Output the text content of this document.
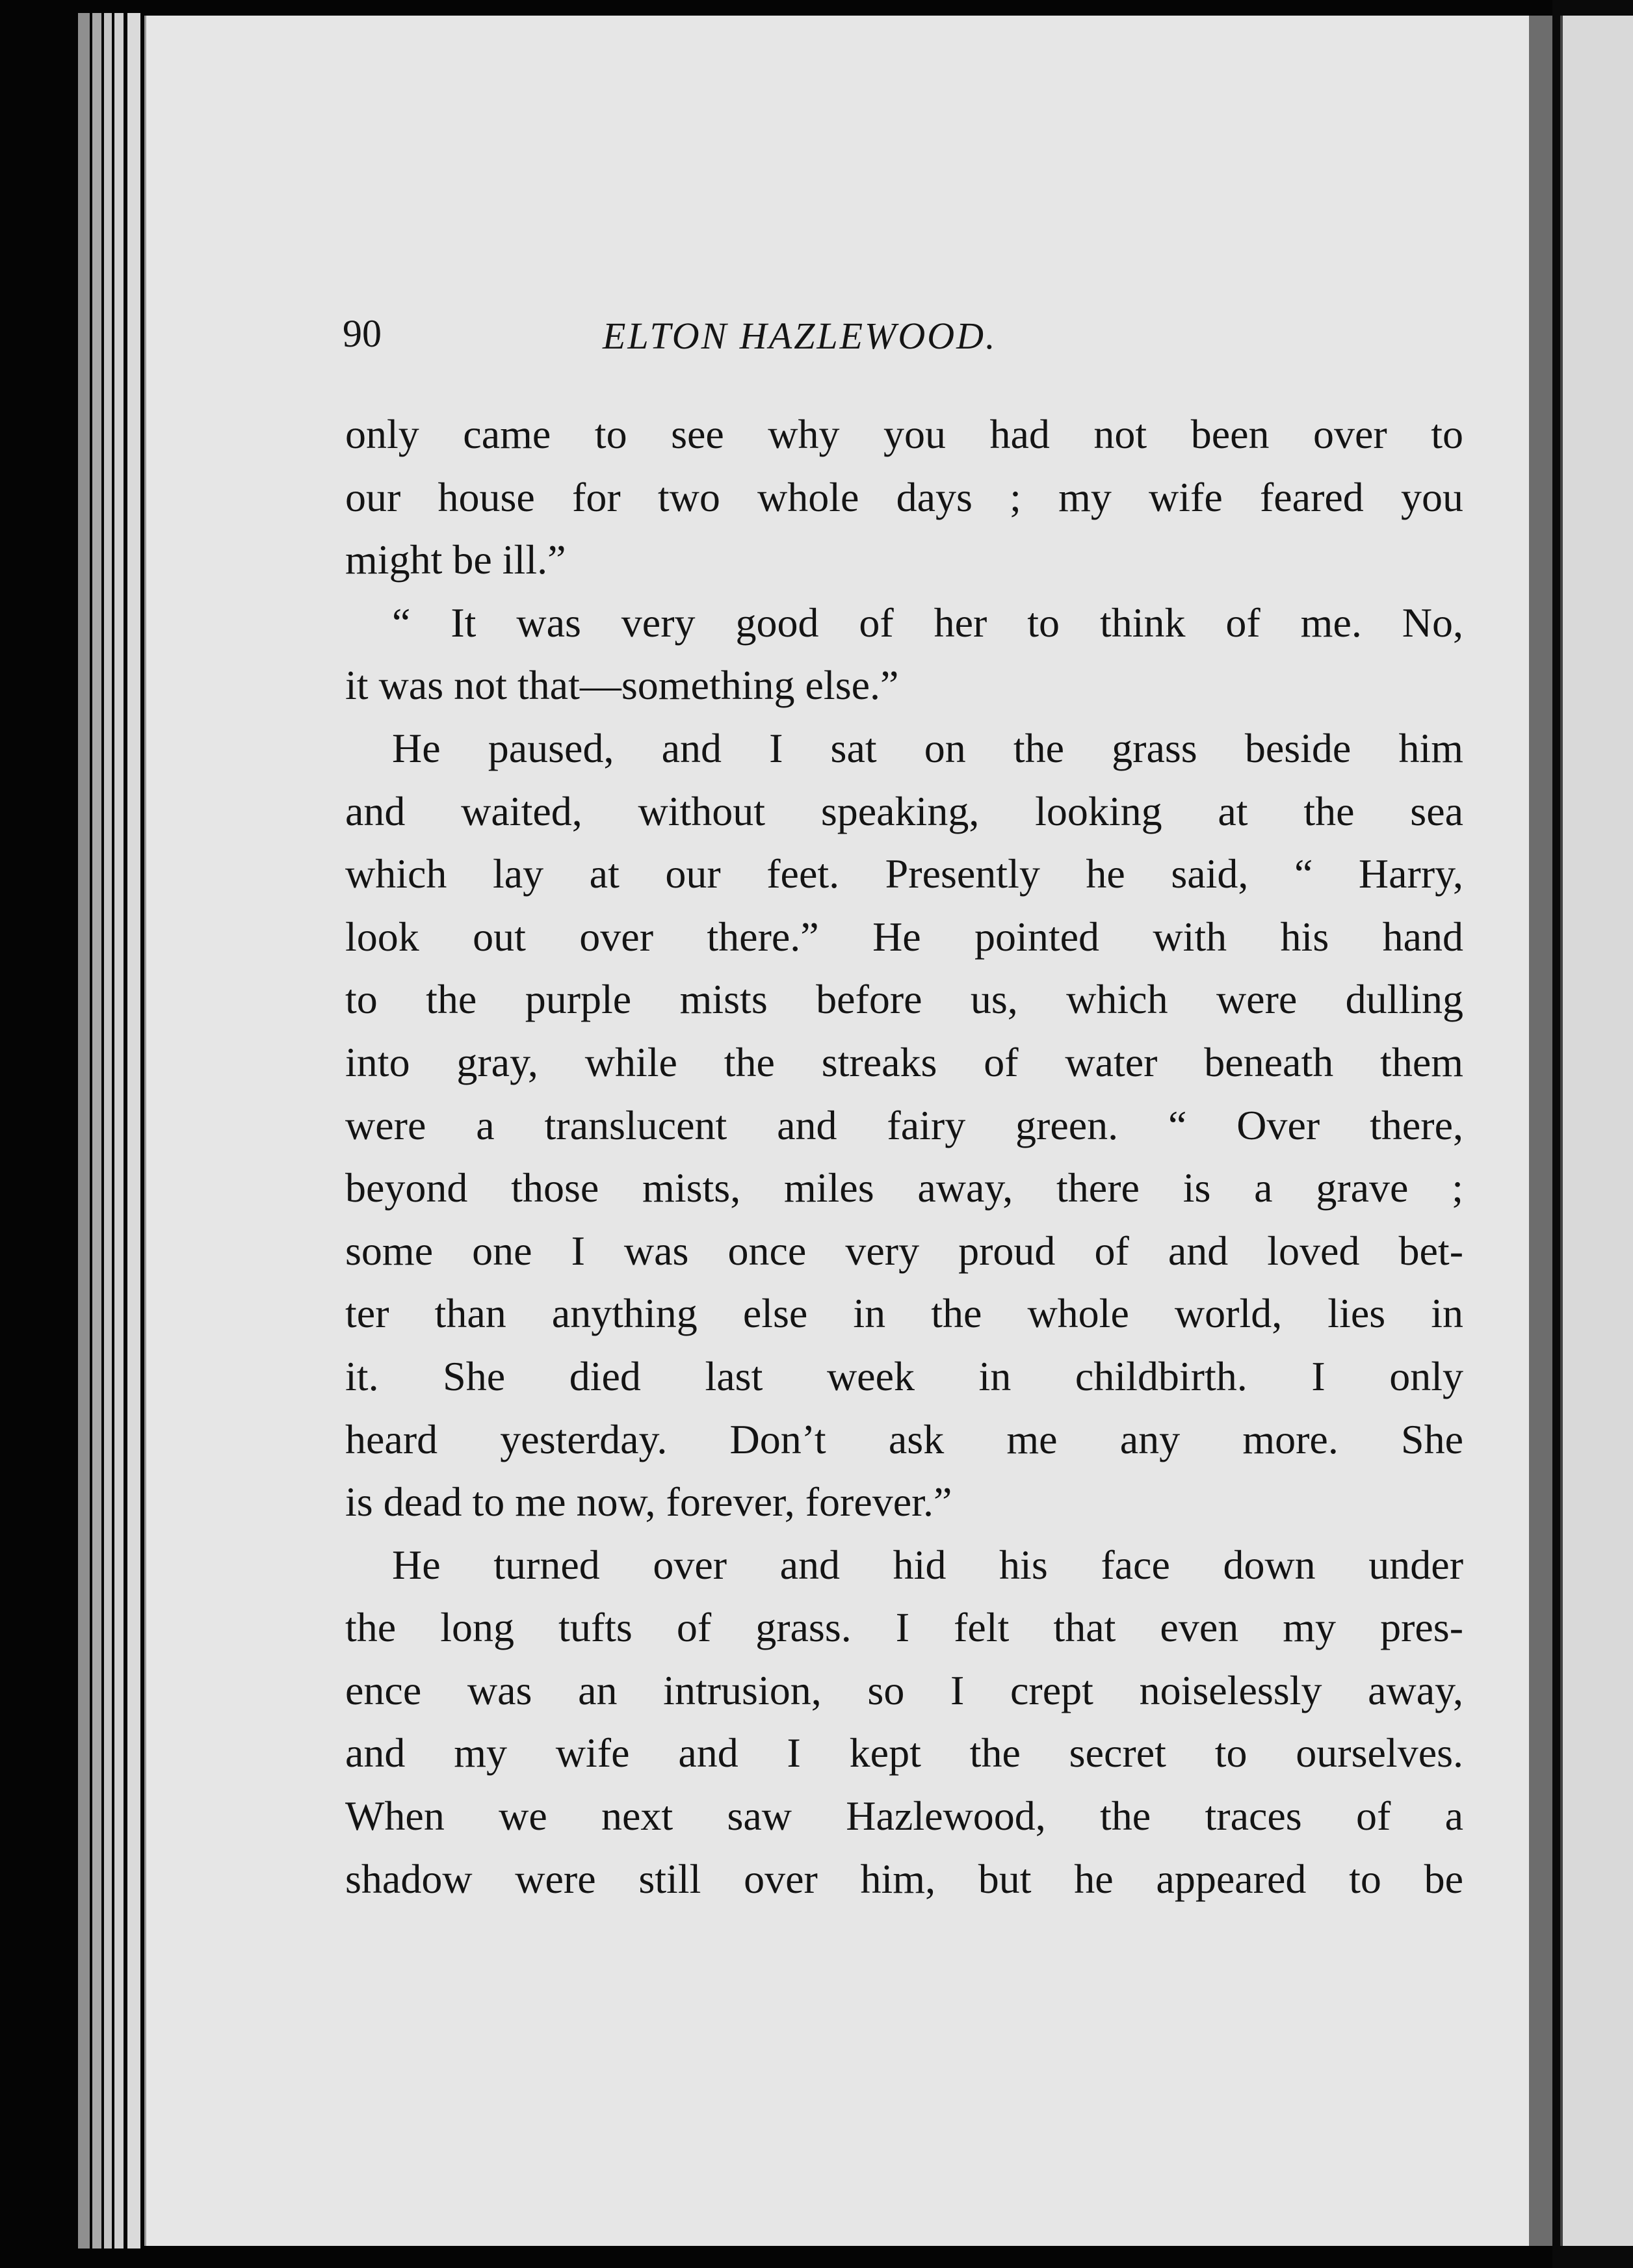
90	ELTON HAZLEWOOD.
only came to see why you had not been over to
our house for two whole days ; my wife feared you
might be ill.”
“ It was very good of her to think of me. No,
it was not that—something else.”
He paused, and I sat on the grass beside him
and waited, without speaking, looking at the sea
which lay at our feet. Presently he said, “ Harry,
look out over there.” He pointed with his hand
to the purple mists before us, which were dulling
into gray, while the streaks of water beneath them
were a translucent and fairy green. “ Over there,
beyond those mists, miles away, there is a grave ;
some one I was once very proud of and loved bet-
ter than anything else in the whole world, lies in
it. She died last week in childbirth. I only
heard yesterday. Don’t ask me any more. She
is dead to me now, forever, forever.”
He turned over and hid his face down under
the long tufts of grass. I felt that even my pres-
ence was an intrusion, so I crept noiselessly away,
and my wife and I kept the secret to ourselves.
When we next saw Hazlewood, the traces of a
shadow were still over him, but he appeared to be
